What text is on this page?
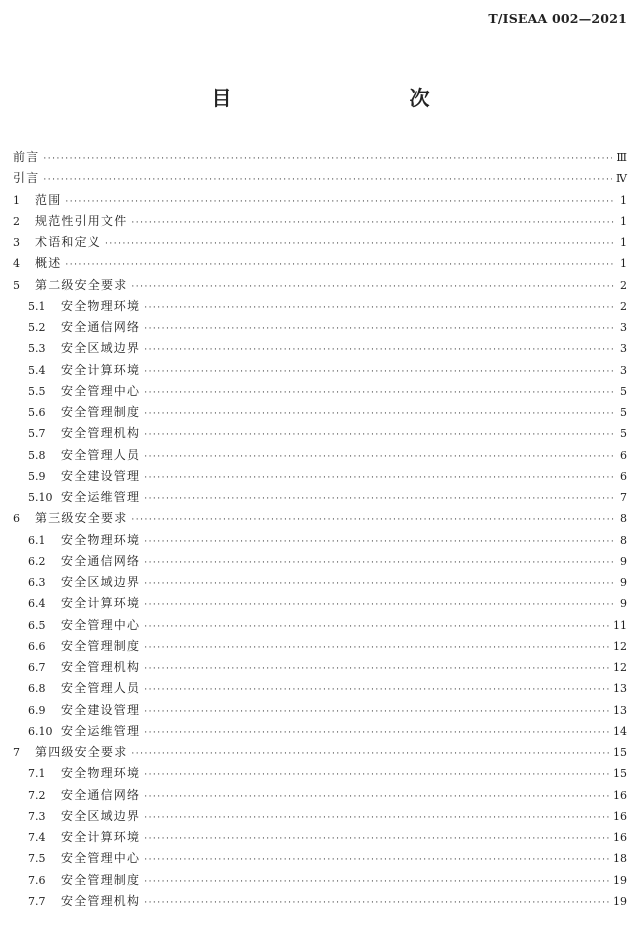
T/ISEAA 002—2021
目　　次
前言 ·····	Ⅲ
引言 ·····	Ⅳ
1	范围 ·····	1
2	规范性引用文件 ·····	1
3	术语和定义 ·····	1
4	概述 ·····	1
5	第二级安全要求 ·····	2
5.1	安全物理环境 ·····	2
5.2	安全通信网络 ·····	3
5.3	安全区域边界 ·····	3
5.4	安全计算环境 ·····	3
5.5	安全管理中心 ·····	5
5.6	安全管理制度 ·····	5
5.7	安全管理机构 ·····	5
5.8	安全管理人员 ·····	6
5.9	安全建设管理 ·····	6
5.10 安全运维管理 ·····	7
6	第三级安全要求 ·····	8
6.1	安全物理环境 ·····	8
6.2	安全通信网络 ·····	9
6.3	安全区域边界 ·····	9
6.4	安全计算环境 ·····	9
6.5	安全管理中心 ·····	11
6.6	安全管理制度 ·····	12
6.7	安全管理机构 ·····	12
6.8	安全管理人员 ·····	13
6.9	安全建设管理 ·····	13
6.10 安全运维管理 ·····	14
7	第四级安全要求 ·····	15
7.1	安全物理环境 ·····	15
7.2	安全通信网络 ·····	16
7.3	安全区域边界 ·····	16
7.4	安全计算环境 ·····	16
7.5	安全管理中心 ·····	18
7.6	安全管理制度 ·····	19
7.7	安全管理机构 ·····	19
